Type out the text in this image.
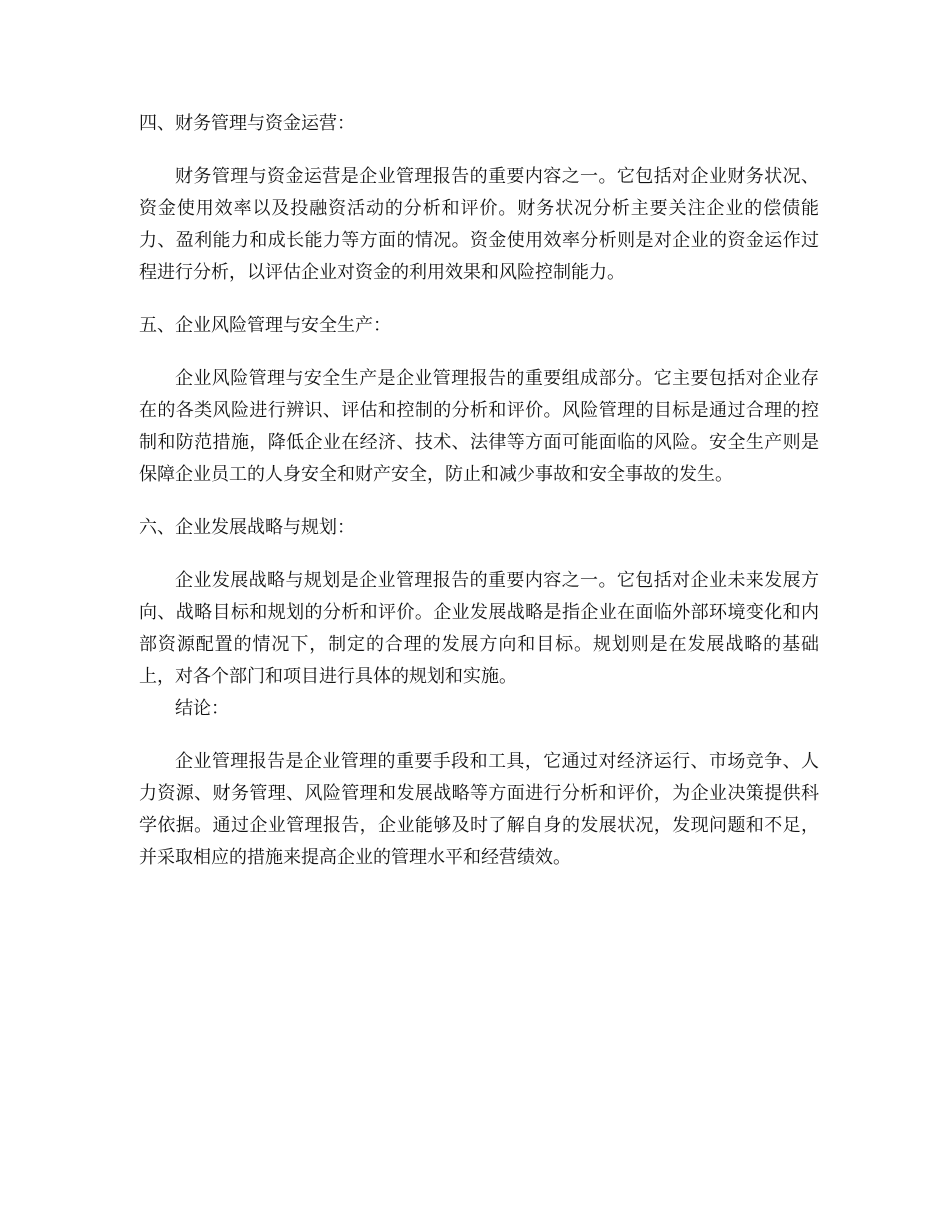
四、财务管理与资金运营：

财务管理与资金运营是企业管理报告的重要内容之一。它包括对企业财务状况、资金使用效率以及投融资活动的分析和评价。财务状况分析主要关注企业的偿债能力、盈利能力和成长能力等方面的情况。资金使用效率分析则是对企业的资金运作过程进行分析，以评估企业对资金的利用效果和风险控制能力。

五、企业风险管理与安全生产：

企业风险管理与安全生产是企业管理报告的重要组成部分。它主要包括对企业存在的各类风险进行辨识、评估和控制的分析和评价。风险管理的目标是通过合理的控制和防范措施，降低企业在经济、技术、法律等方面可能面临的风险。安全生产则是保障企业员工的人身安全和财产安全，防止和减少事故和安全事故的发生。

六、企业发展战略与规划：

企业发展战略与规划是企业管理报告的重要内容之一。它包括对企业未来发展方向、战略目标和规划的分析和评价。企业发展战略是指企业在面临外部环境变化和内部资源配置的情况下，制定的合理的发展方向和目标。规划则是在发展战略的基础上，对各个部门和项目进行具体的规划和实施。

结论：

企业管理报告是企业管理的重要手段和工具，它通过对经济运行、市场竞争、人力资源、财务管理、风险管理和发展战略等方面进行分析和评价，为企业决策提供科学依据。通过企业管理报告，企业能够及时了解自身的发展状况，发现问题和不足，并采取相应的措施来提高企业的管理水平和经营绩效。
